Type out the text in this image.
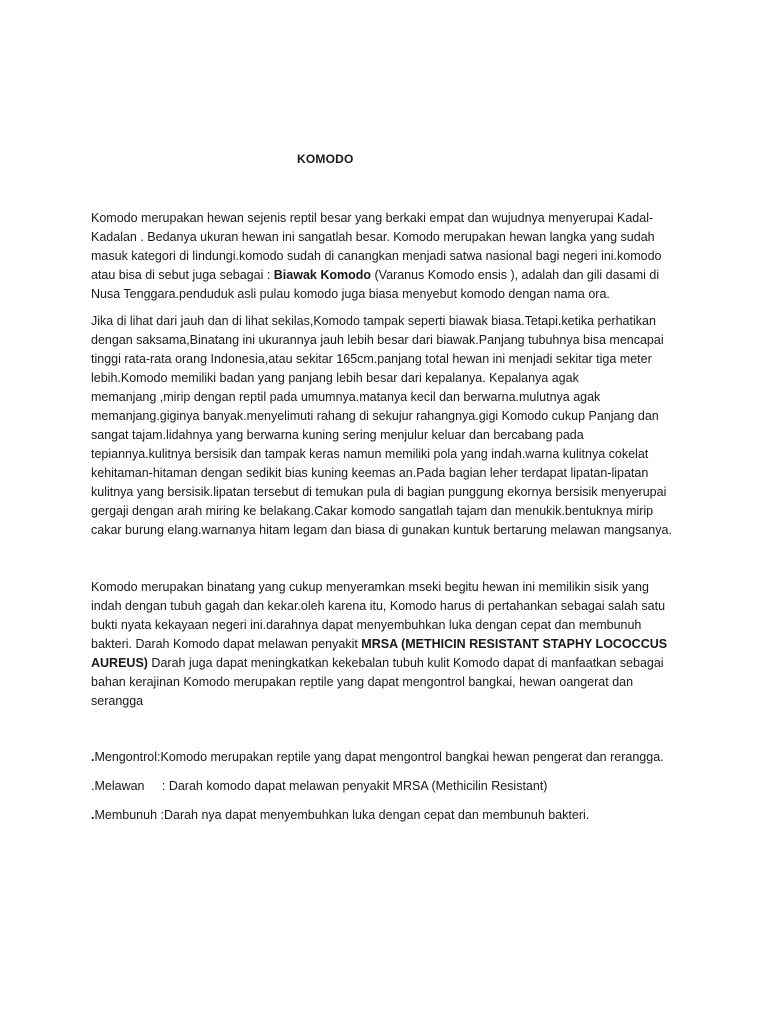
KOMODO
Komodo merupakan hewan sejenis reptil besar yang berkaki empat dan wujudnya menyerupai Kadal-
Kadalan . Bedanya ukuran hewan ini sangatlah besar. Komodo merupakan hewan langka yang sudah
masuk kategori di lindungi.komodo sudah di canangkan menjadi satwa nasional bagi negeri ini.komodo
atau bisa di sebut juga sebagai : Biawak Komodo (Varanus Komodo ensis ), adalah dan gili dasami di
Nusa Tenggara.penduduk asli pulau komodo juga biasa menyebut komodo dengan nama ora.
Jika di lihat dari jauh dan di lihat sekilas,Komodo tampak seperti biawak biasa.Tetapi.ketika perhatikan
dengan saksama,Binatang ini ukurannya jauh lebih besar dari biawak.Panjang tubuhnya bisa mencapai
tinggi rata-rata orang Indonesia,atau sekitar 165cm.panjang total hewan ini menjadi sekitar tiga meter
lebih.Komodo memiliki badan yang panjang lebih besar dari kepalanya. Kepalanya agak
memanjang ,mirip dengan reptil pada umumnya.matanya kecil dan berwarna.mulutnya agak
memanjang.giginya banyak.menyelimuti rahang di sekujur rahangnya.gigi Komodo cukup Panjang dan
sangat tajam.lidahnya yang berwarna kuning sering menjulur keluar dan bercabang pada
tepiannya.kulitnya bersisik dan tampak keras namun memiliki pola yang indah.warna kulitnya cokelat
kehitaman-hitaman dengan sedikit bias kuning keemas an.Pada bagian leher terdapat lipatan-lipatan
kulitnya yang bersisik.lipatan tersebut di temukan pula di bagian punggung ekornya bersisik menyerupai
gergaji dengan arah miring ke belakang.Cakar komodo sangatlah tajam dan menukik.bentuknya mirip
cakar burung elang.warnanya hitam legam dan biasa di gunakan kuntuk bertarung melawan mangsanya.
Komodo merupakan binatang yang cukup menyeramkan mseki begitu hewan ini memilikin sisik yang
indah dengan tubuh gagah dan kekar.oleh karena itu, Komodo harus di pertahankan sebagai salah satu
bukti nyata kekayaan negeri ini.darahnya dapat menyembuhkan luka dengan cepat dan membunuh
bakteri. Darah Komodo dapat melawan penyakit MRSA (METHICIN RESISTANT STAPHY LOCOCCUS
AUREUS) Darah juga dapat meningkatkan kekebalan tubuh kulit Komodo dapat di manfaatkan sebagai
bahan kerajinan Komodo merupakan reptile yang dapat mengontrol bangkai, hewan oangerat dan
serangga
.Mengontrol:Komodo merupakan reptile yang dapat mengontrol bangkai hewan pengerat dan rerangga.
.Melawan     : Darah komodo dapat melawan penyakit MRSA (Methicilin Resistant)
.Membunuh :Darah nya dapat menyembuhkan luka dengan cepat dan membunuh bakteri.
